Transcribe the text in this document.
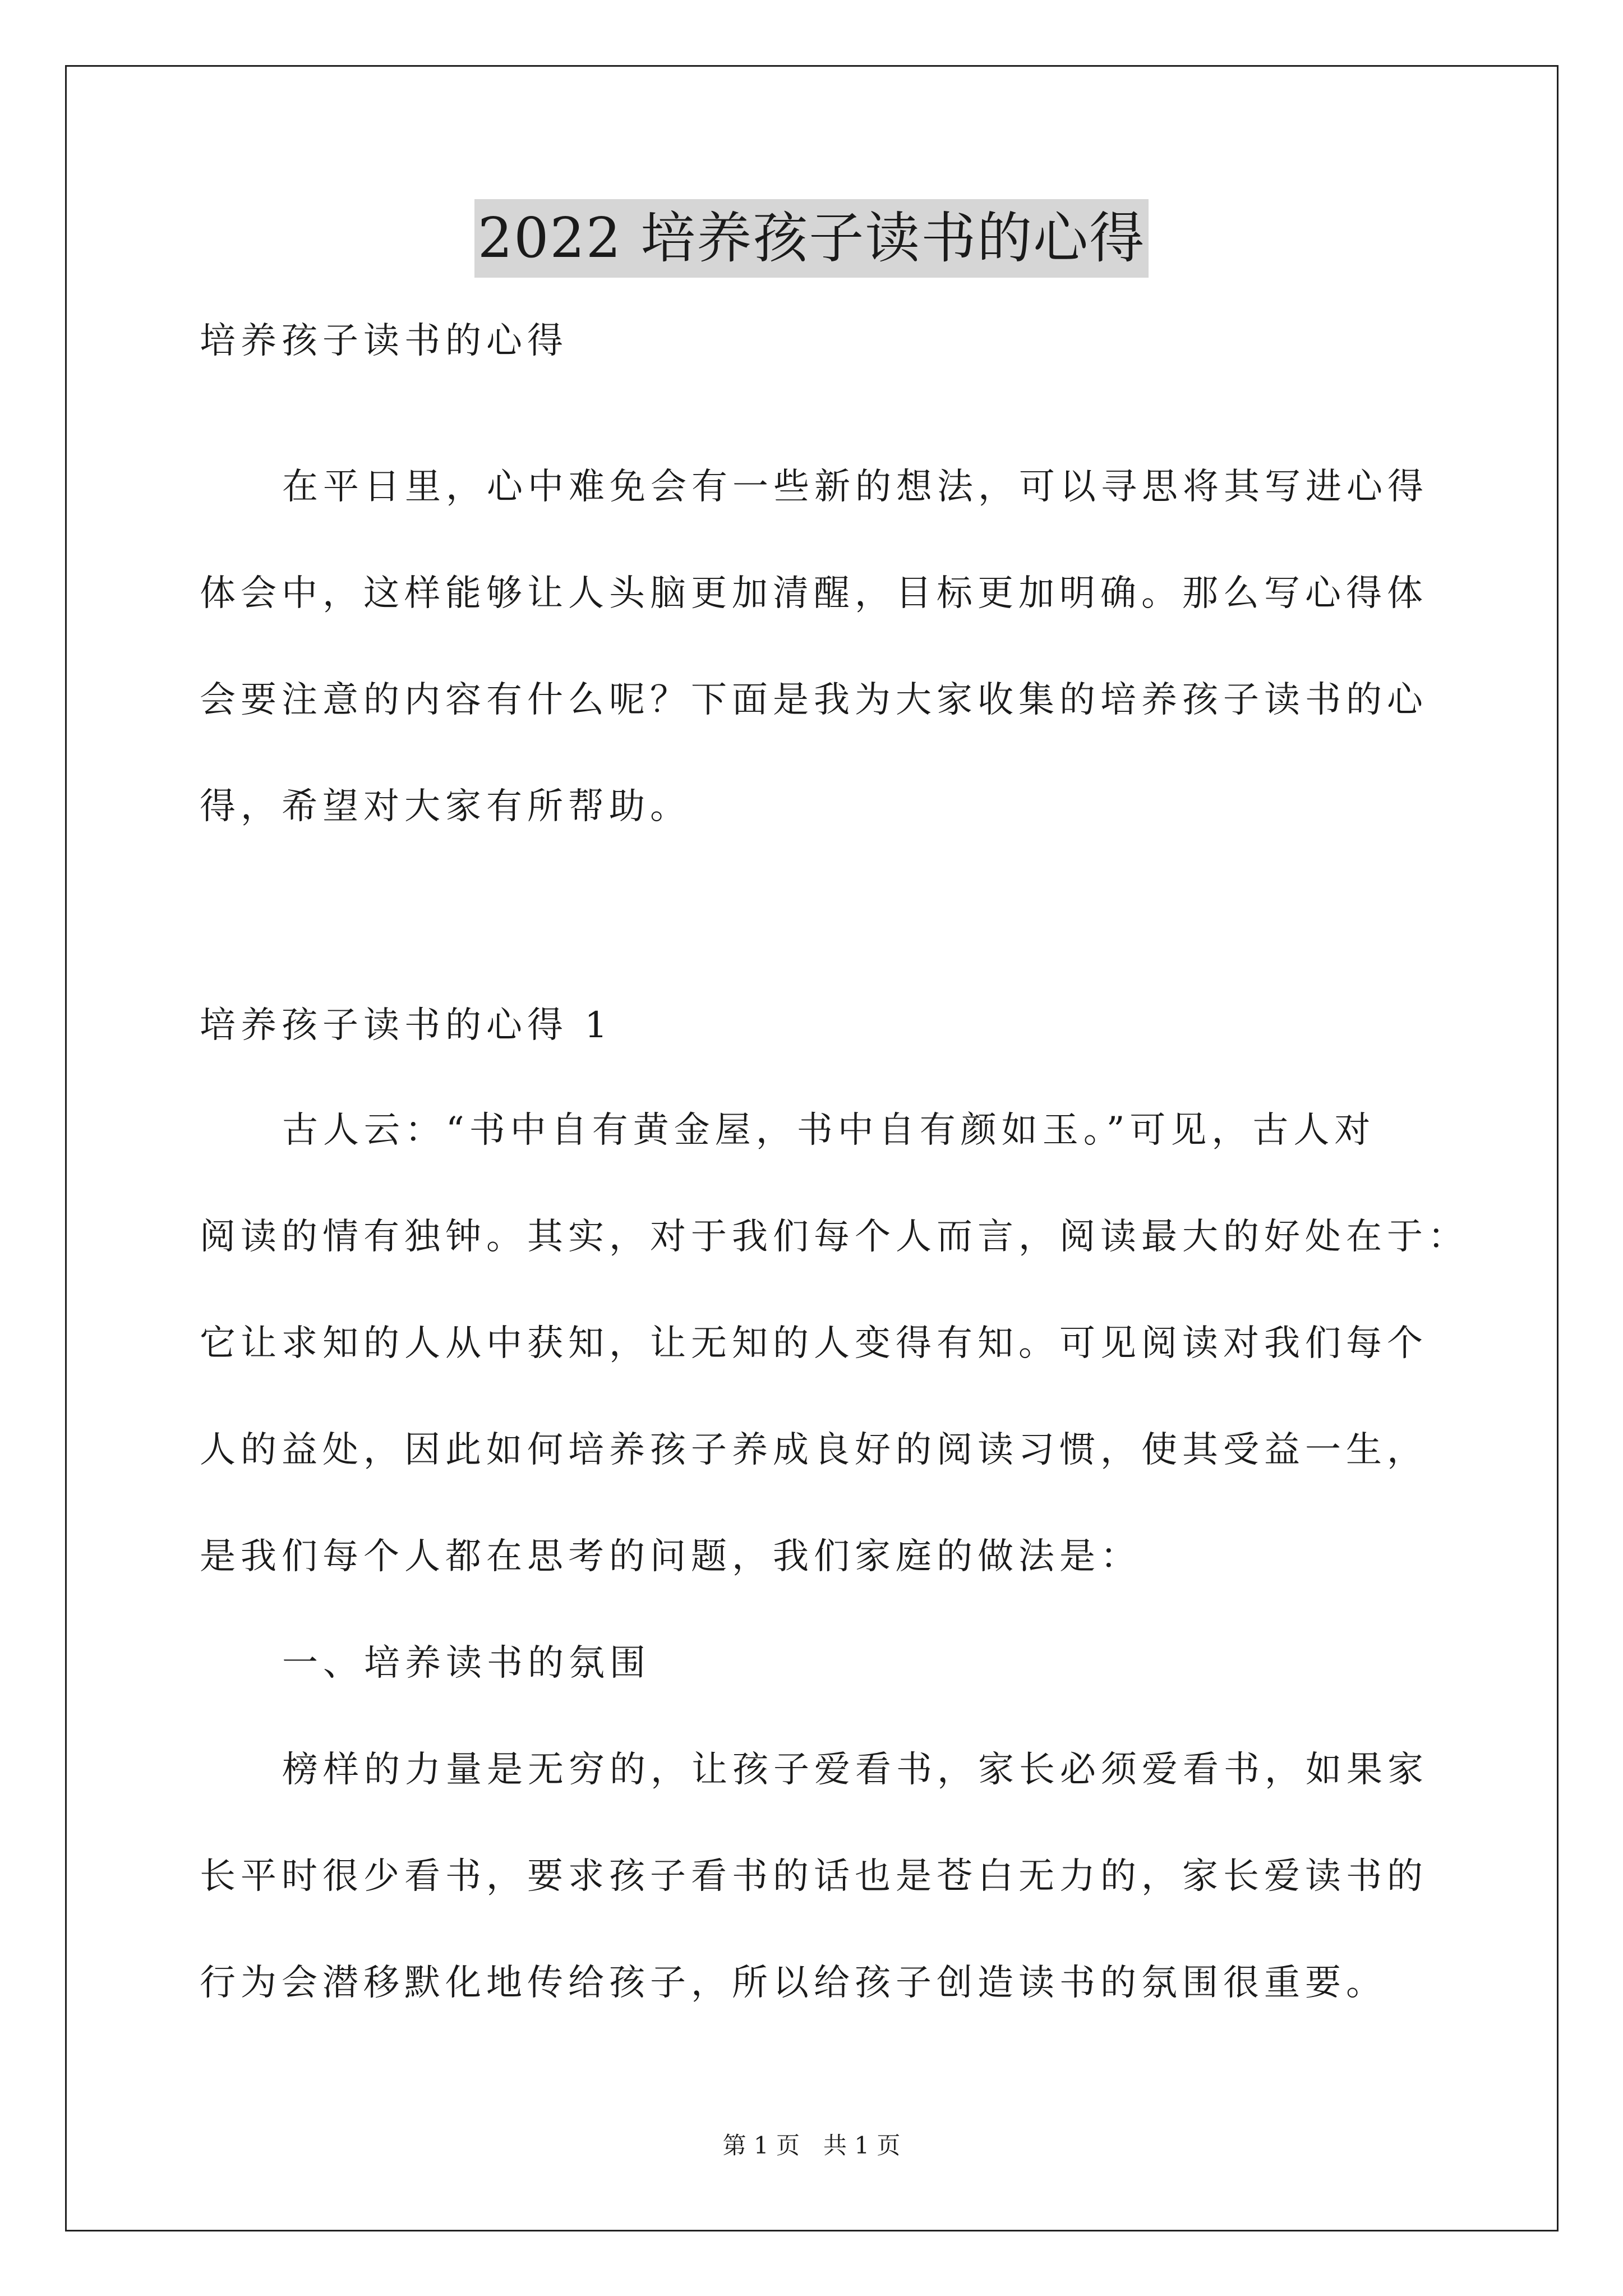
2022 培养孩子读书的心得

培养孩子读书的心得

在平日里，心中难免会有一些新的想法，可以寻思将其写进心得

体会中，这样能够让人头脑更加清醒，目标更加明确。那么写心得体

会要注意的内容有什么呢？下面是我为大家收集的培养孩子读书的心

得，希望对大家有所帮助。

培养孩子读书的心得 1

古人云：“书中自有黄金屋，书中自有颜如玉。”可见，古人对

阅读的情有独钟。其实，对于我们每个人而言，阅读最大的好处在于：

它让求知的人从中获知，让无知的人变得有知。可见阅读对我们每个

人的益处，因此如何培养孩子养成良好的阅读习惯，使其受益一生，

是我们每个人都在思考的问题，我们家庭的做法是：

一、培养读书的氛围

榜样的力量是无穷的，让孩子爱看书，家长必须爱看书，如果家

长平时很少看书，要求孩子看书的话也是苍白无力的，家长爱读书的

行为会潜移默化地传给孩子，所以给孩子创造读书的氛围很重要。

第 1 页　共 1 页
